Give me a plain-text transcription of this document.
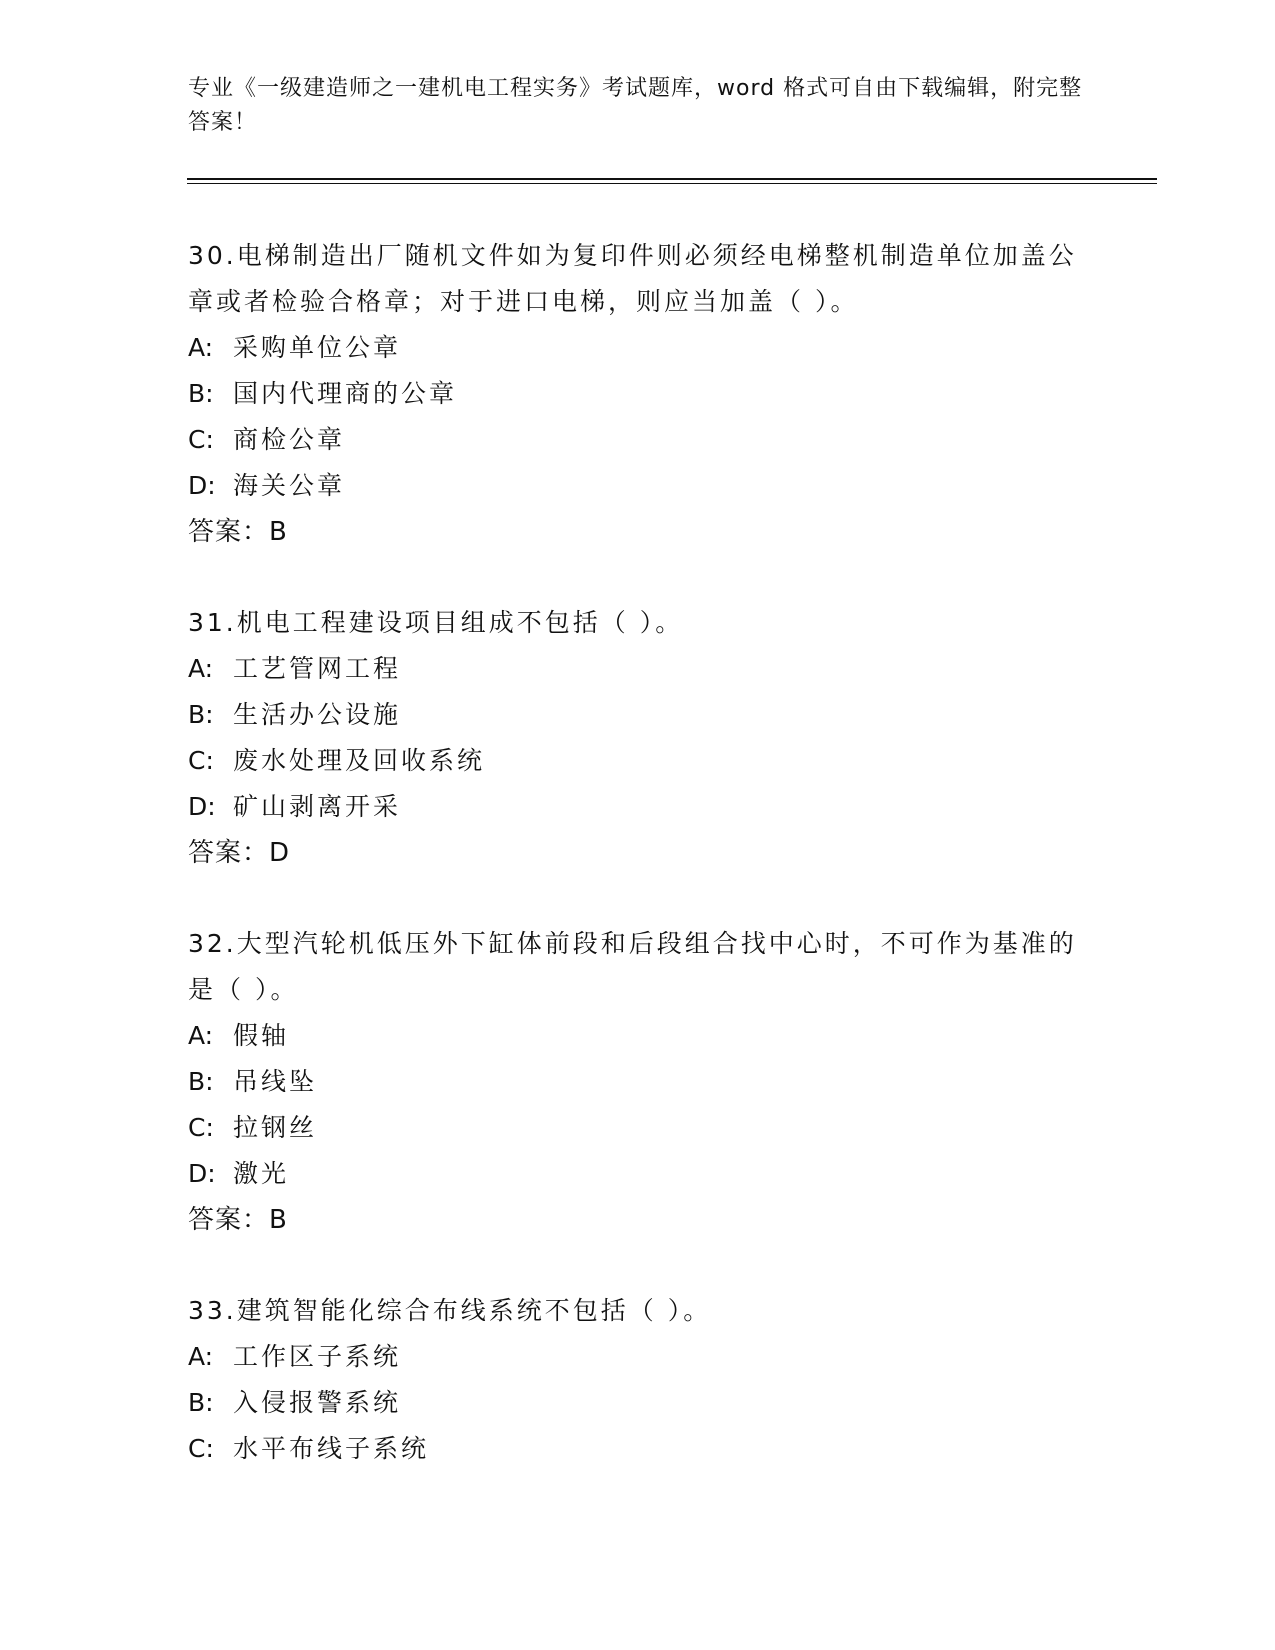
专业《一级建造师之一建机电工程实务》考试题库，word 格式可自由下载编辑，附完整答案！

30.电梯制造出厂随机文件如为复印件则必须经电梯整机制造单位加盖公章或者检验合格章；对于进口电梯，则应当加盖（ ）。

A: 采购单位公章
B: 国内代理商的公章
C: 商检公章
D: 海关公章
答案：B

31.机电工程建设项目组成不包括（ ）。

A: 工艺管网工程
B: 生活办公设施
C: 废水处理及回收系统
D: 矿山剥离开采
答案：D

32.大型汽轮机低压外下缸体前段和后段组合找中心时，不可作为基准的是（ ）。

A: 假轴
B: 吊线坠
C: 拉钢丝
D: 激光
答案：B

33.建筑智能化综合布线系统不包括（ ）。

A: 工作区子系统
B: 入侵报警系统
C: 水平布线子系统
